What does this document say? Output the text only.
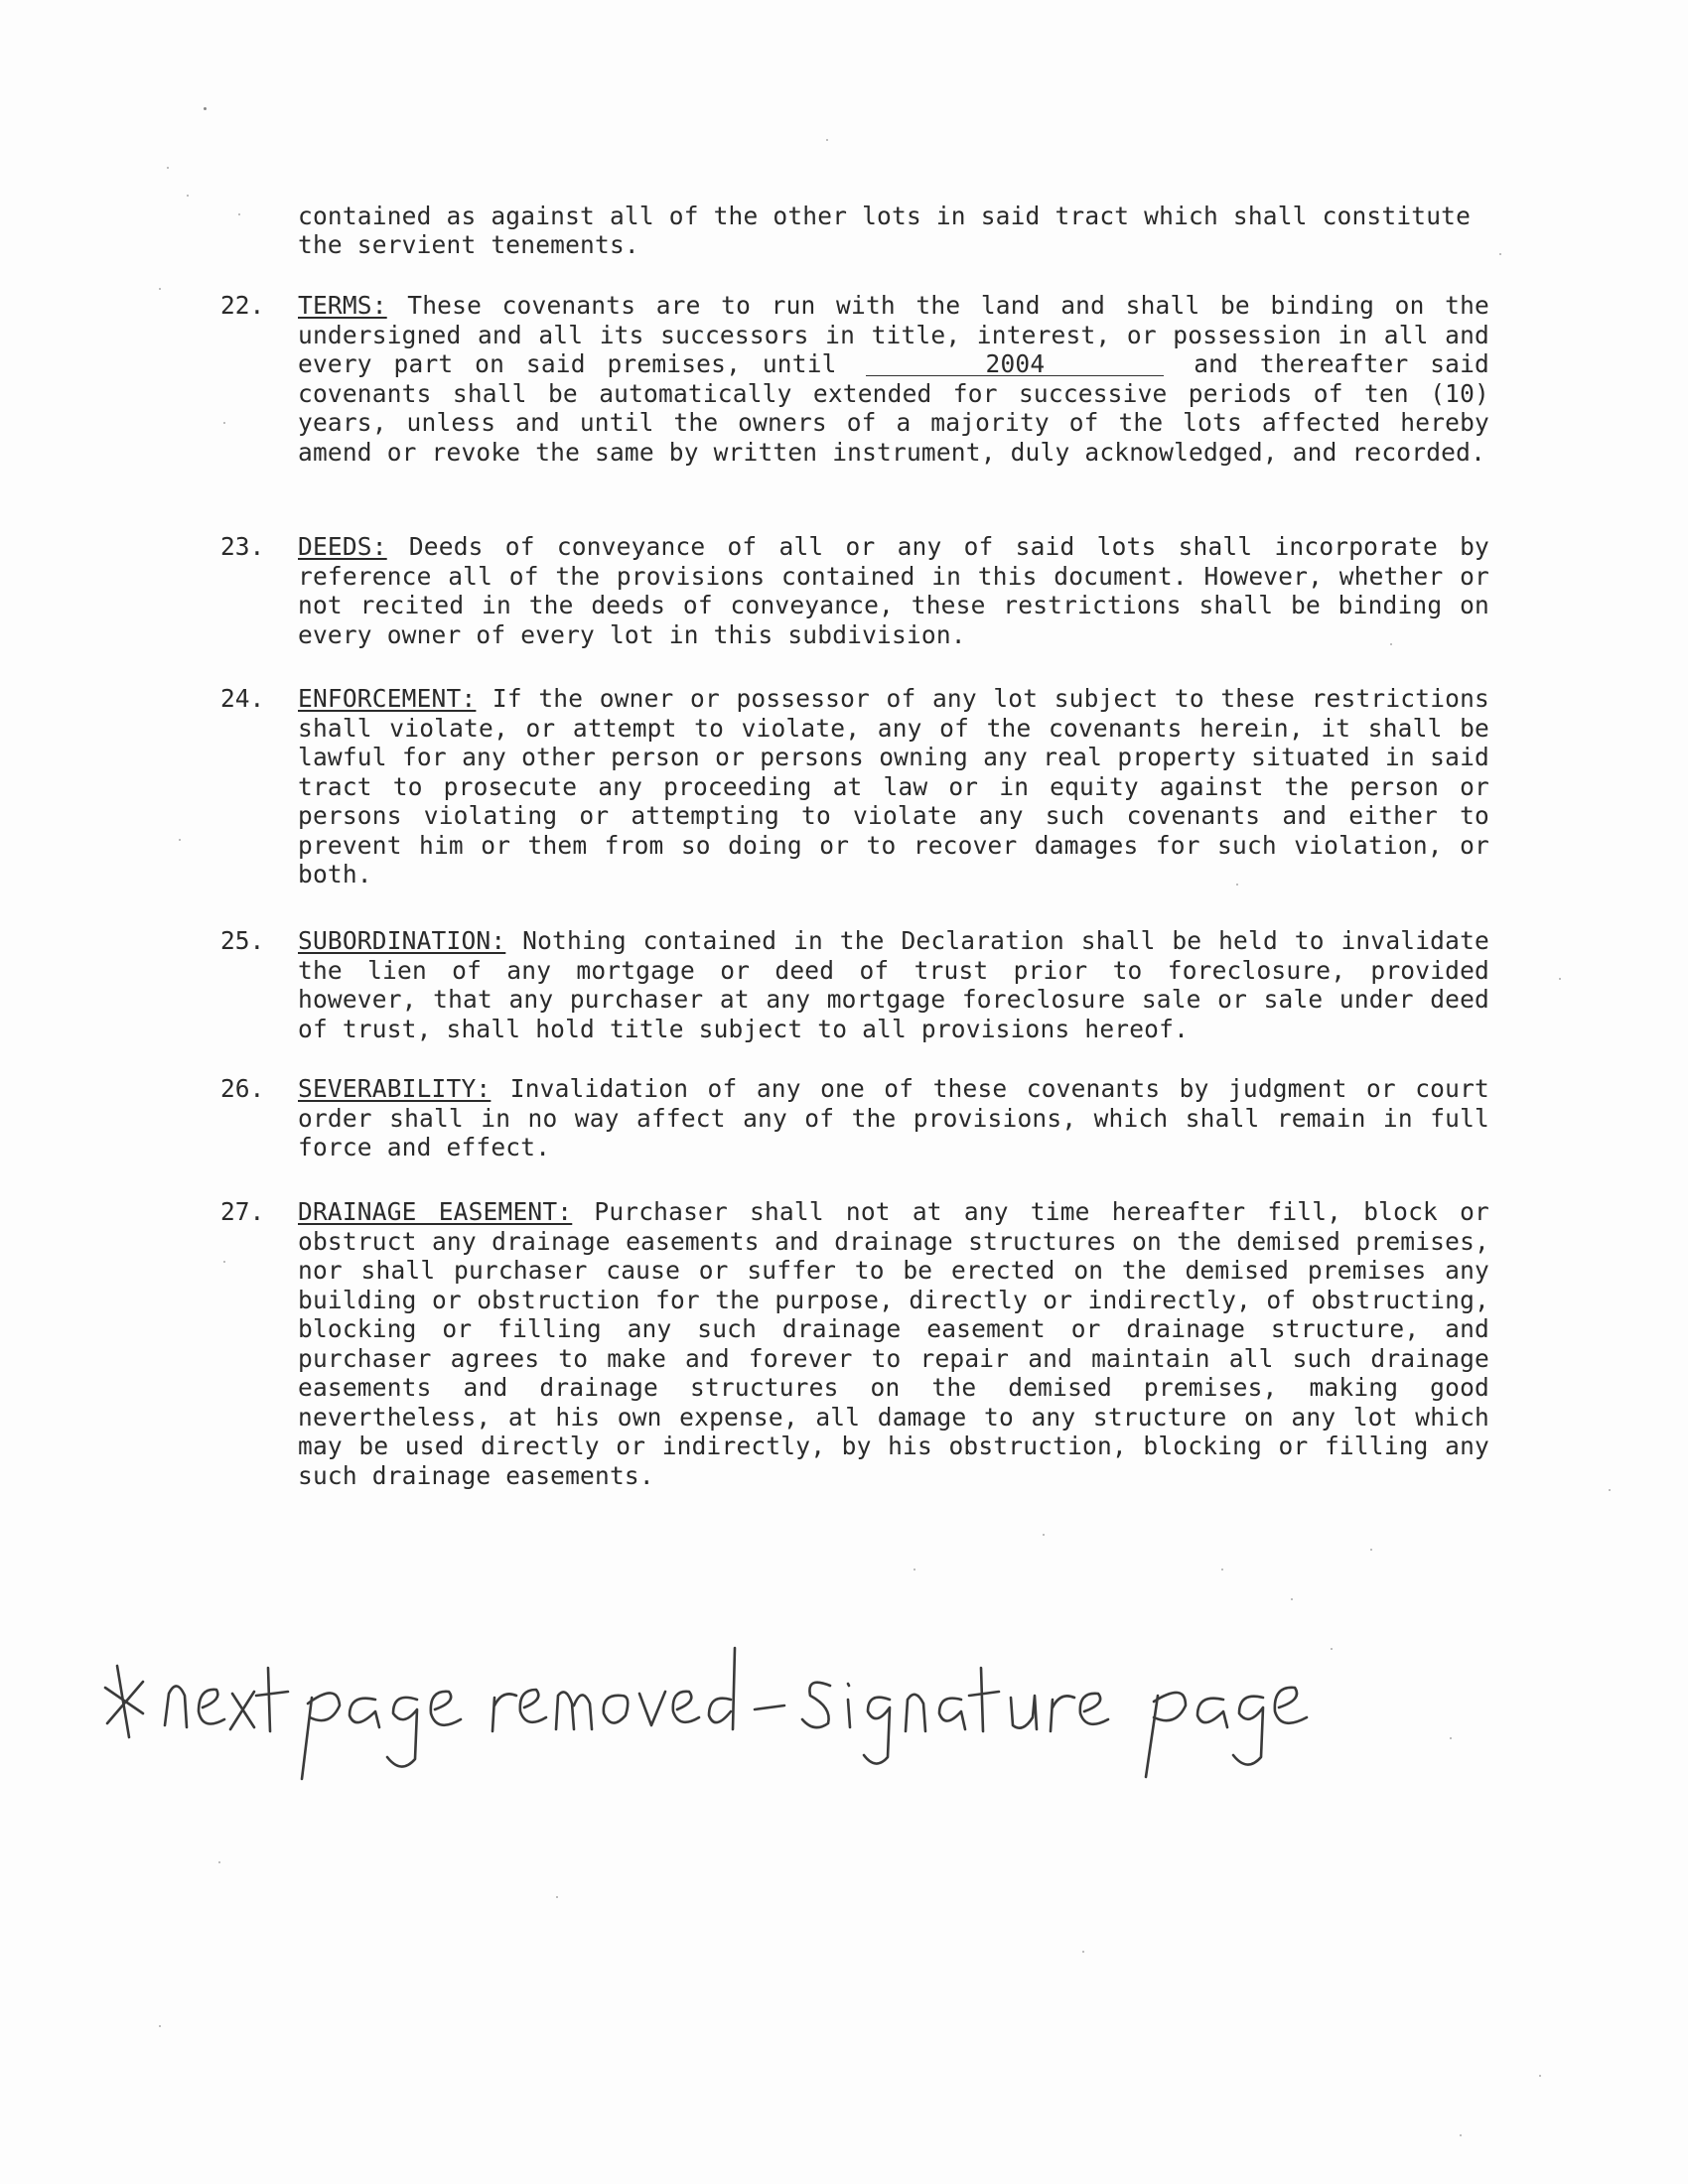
contained as against all of the other lots in said tract which shall constitute the servient tenements.
22.	TERMS: These covenants are to run with the land and shall be binding on the undersigned and all its successors in title, interest, or possession in all and every part on said premises, until	2004	and thereafter said covenants shall be automatically extended for successive periods of ten (10) years, unless and until the owners of a majority of the lots affected hereby amend or revoke the same by written instrument, duly acknowledged, and recorded.
23.	DEEDS: Deeds of conveyance of all or any of said lots shall incorporate by reference all of the provisions contained in this document. However, whether or not recited in the deeds of conveyance, these restrictions shall be binding on every owner of every lot in this subdivision.
24.	ENFORCEMENT: If the owner or possessor of any lot subject to these restrictions shall violate, or attempt to violate, any of the covenants herein, it shall be lawful for any other person or persons owning any real property situated in said tract to prosecute any proceeding at law or in equity against the person or persons violating or attempting to violate any such covenants and either to prevent him or them from so doing or to recover damages for such violation, or both.
25.	SUBORDINATION: Nothing contained in the Declaration shall be held to invalidate the lien of any mortgage or deed of trust prior to foreclosure, provided however, that any purchaser at any mortgage foreclosure sale or sale under deed of trust, shall hold title subject to all provisions hereof.
26.	SEVERABILITY: Invalidation of any one of these covenants by judgment or court order shall in no way affect any of the provisions, which shall remain in full force and effect.
27.	DRAINAGE EASEMENT: Purchaser shall not at any time hereafter fill, block or obstruct any drainage easements and drainage structures on the demised premises, nor shall purchaser cause or suffer to be erected on the demised premises any building or obstruction for the purpose, directly or indirectly, of obstructing, blocking or filling any such drainage easement or drainage structure, and purchaser agrees to make and forever to repair and maintain all such drainage easements and drainage structures on the demised premises, making good nevertheless, at his own expense, all damage to any structure on any lot which may be used directly or indirectly, by his obstruction, blocking or filling any such drainage easements.
